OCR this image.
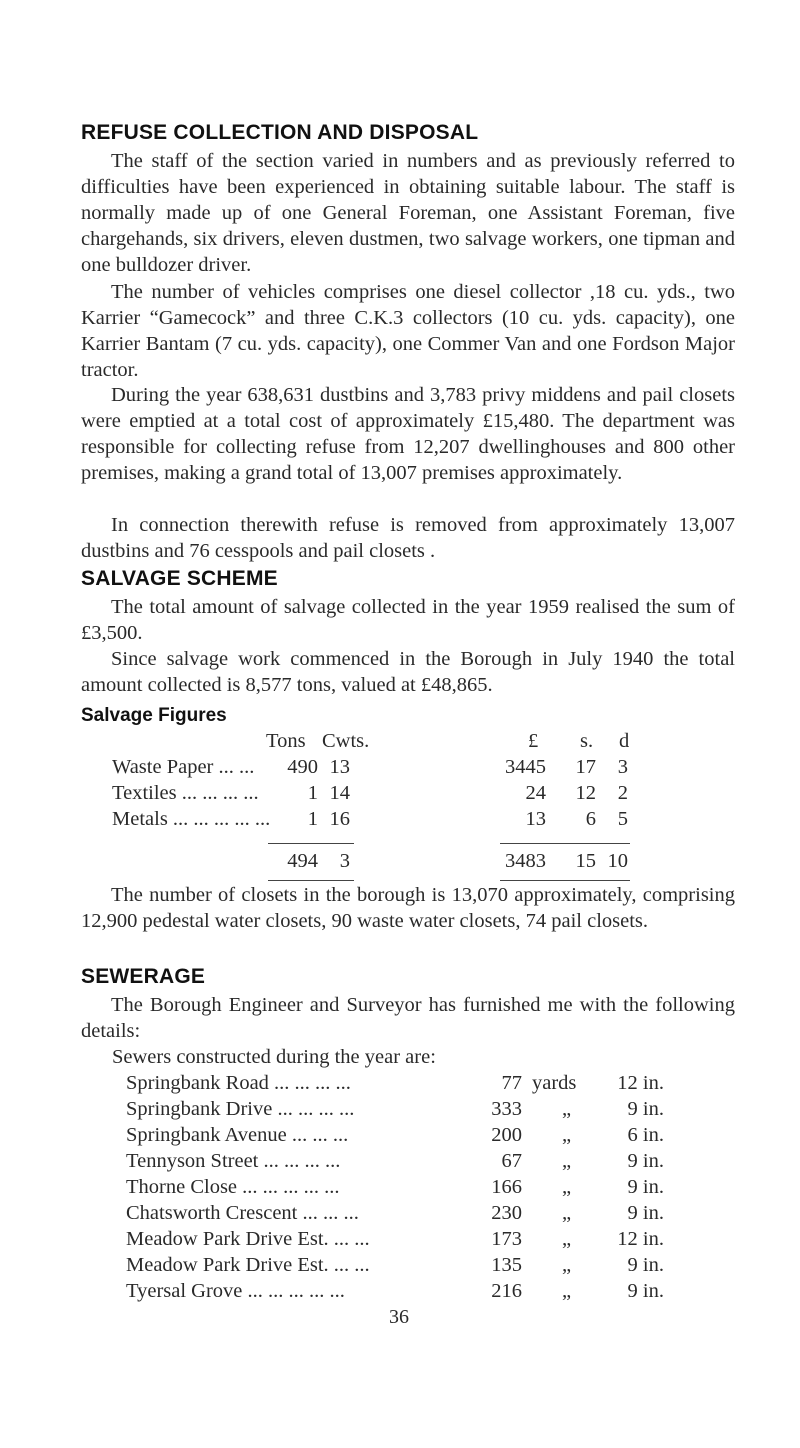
REFUSE COLLECTION AND DISPOSAL

The staff of the section varied in numbers and as previously referred to difficulties have been experienced in obtaining suitable labour. The staff is normally made up of one General Foreman, one Assistant Foreman, five chargehands, six drivers, eleven dustmen, two salvage workers, one tipman and one bulldozer driver.

The number of vehicles comprises one diesel collector ,18 cu. yds., two Karrier “Gamecock” and three C.K.3 collectors (10 cu. yds. capacity), one Karrier Bantam (7 cu. yds. capacity), one Commer Van and one Fordson Major tractor.

During the year 638,631 dustbins and 3,783 privy middens and pail closets were emptied at a total cost of approximately £15,480. The department was responsible for collecting refuse from 12,207 dwellinghouses and 800 other premises, making a grand total of 13,007 premises approximately.

In connection therewith refuse is removed from approximately 13,007 dustbins and 76 cesspools and pail closets .

SALVAGE SCHEME

The total amount of salvage collected in the year 1959 realised the sum of £3,500.

Since salvage work commenced in the Borough in July 1940 the total amount collected is 8,577 tons, valued at £48,865.

Salvage Figures
Tons Cwts.	£ s. d
Waste Paper ... ...	490 13	3445	17	3
Textiles ... ... ... ...	1 14	24	12	2
Metals ... ... ... ... ...	1 16	13	6	5
494	3	3483	15 10

The number of closets in the borough is 13,070 approximately, comprising 12,900 pedestal water closets, 90 waste water closets, 74 pail closets.

SEWERAGE

The Borough Engineer and Surveyor has furnished me with the following details:

Sewers constructed during the year are:
Springbank Road ... ... ... ...	77 yards	12 in.
Springbank Drive ... ... ... ...	333 „	9 in.
Springbank Avenue ... ... ...	200 „	6 in.
Tennyson Street ... ... ... ...	67 „	9 in.
Thorne Close ... ... ... ... ...	166 „	9 in.
Chatsworth Crescent ... ... ...	230 „	9 in.
Meadow Park Drive Est. ... ...	173 „	12 in.
Meadow Park Drive Est. ... ...	135 „	9 in.
Tyersal Grove ... ... ... ... ...	216 „	9 in.
36
